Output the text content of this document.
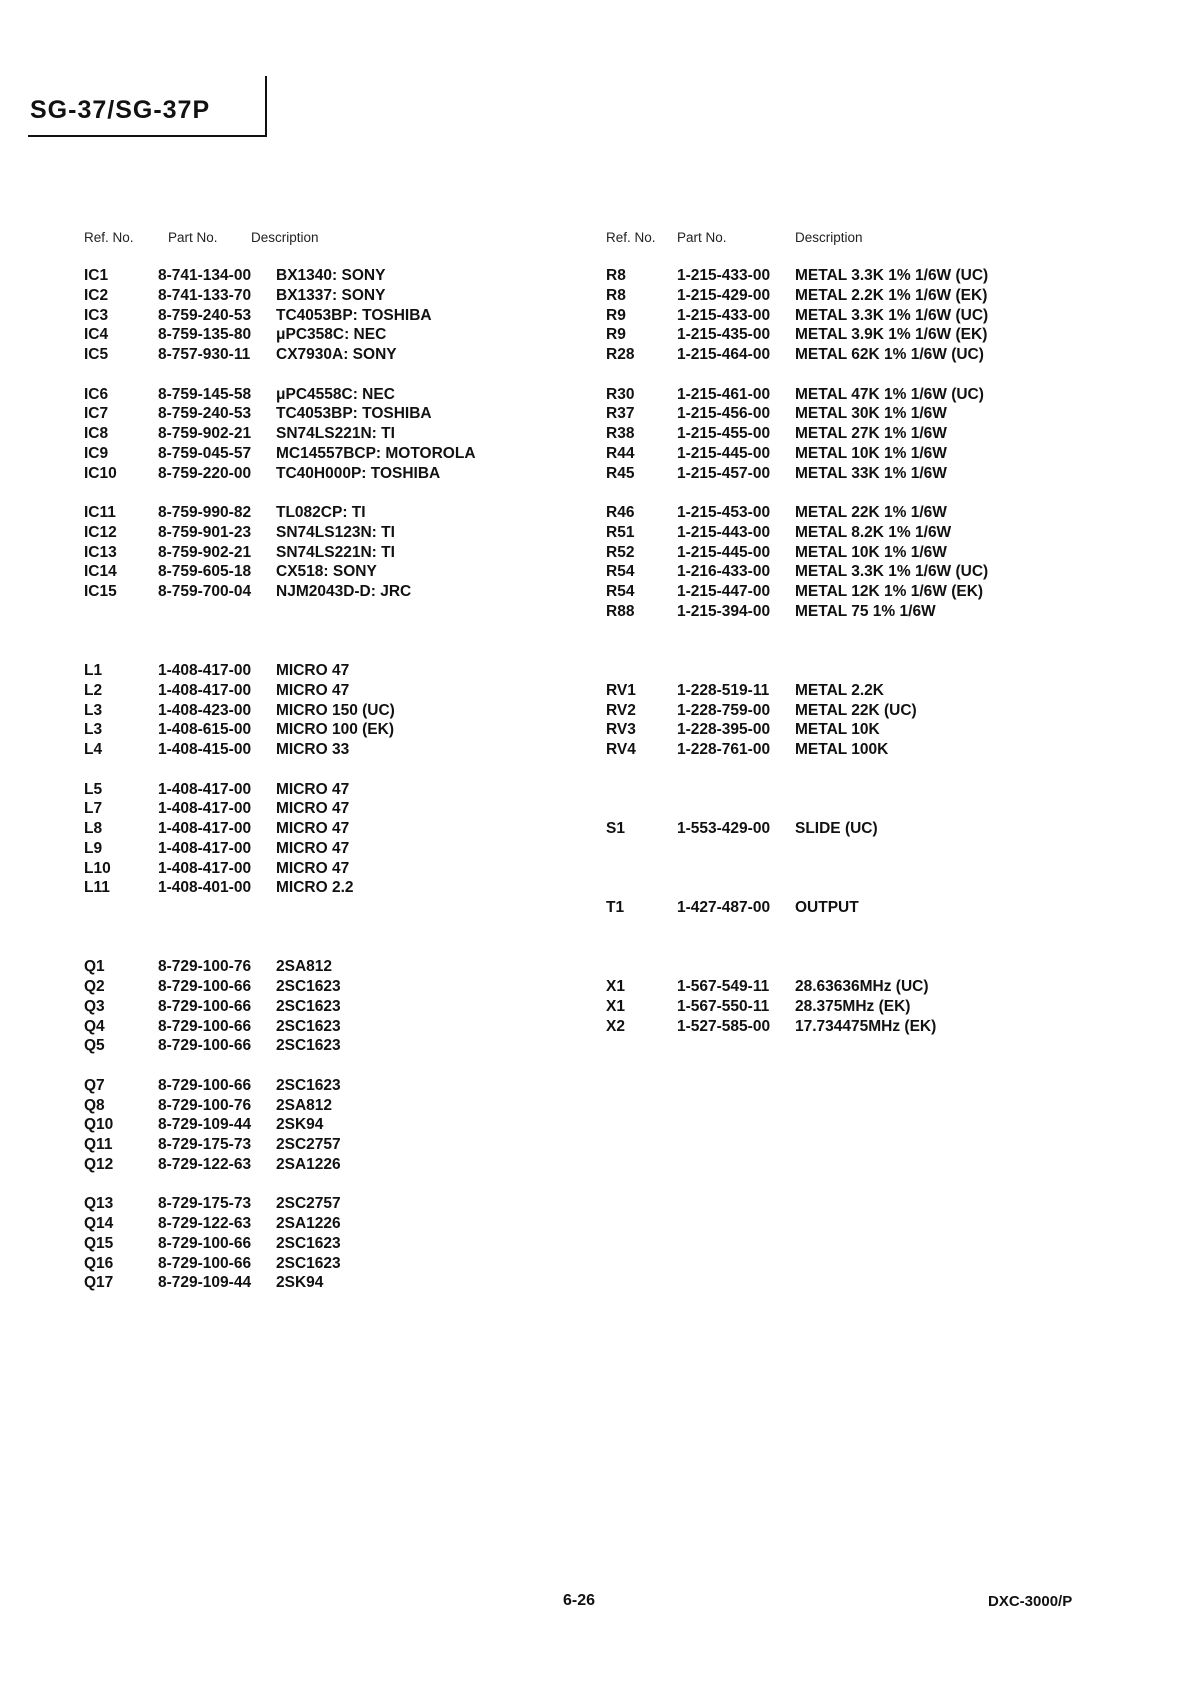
SG-37/SG-37P
Ref. No.	Part No. Description	Ref. No. Part No.	Description
IC1	8-741-134-00 BX1340: SONY
IC2	8-741-133-70 BX1337: SONY
IC3	8-759-240-53 TC4053BP: TOSHIBA
IC4	8-759-135-80 μPC358C: NEC
IC5	8-757-930-11 CX7930A: SONY
IC6	8-759-145-58 μPC4558C: NEC
IC7	8-759-240-53 TC4053BP: TOSHIBA
IC8	8-759-902-21 SN74LS221N: TI
IC9	8-759-045-57 MC14557BCP: MOTOROLA
IC10	8-759-220-00 TC40H000P: TOSHIBA
IC11	8-759-990-82 TL082CP: TI
IC12	8-759-901-23 SN74LS123N: TI
IC13	8-759-902-21 SN74LS221N: TI
IC14	8-759-605-18 CX518: SONY
IC15	8-759-700-04 NJM2043D-D: JRC
L1	1-408-417-00 MICRO 47
L2	1-408-417-00 MICRO 47
L3	1-408-423-00 MICRO 150 (UC)
L3	1-408-615-00 MICRO 100 (EK)
L4	1-408-415-00 MICRO 33
L5	1-408-417-00 MICRO 47
L7	1-408-417-00 MICRO 47
L8	1-408-417-00 MICRO 47
L9	1-408-417-00 MICRO 47
L10	1-408-417-00 MICRO 47
L11	1-408-401-00 MICRO 2.2
Q1	8-729-100-76 2SA812
Q2	8-729-100-66 2SC1623
Q3	8-729-100-66 2SC1623
Q4	8-729-100-66 2SC1623
Q5	8-729-100-66 2SC1623
Q7	8-729-100-66 2SC1623
Q8	8-729-100-76 2SA812
Q10	8-729-109-44 2SK94
Q11	8-729-175-73 2SC2757
Q12	8-729-122-63 2SA1226
Q13	8-729-175-73 2SC2757
Q14	8-729-122-63 2SA1226
Q15	8-729-100-66 2SC1623
Q16	8-729-100-66 2SC1623
Q17	8-729-109-44 2SK94
R8	1-215-433-00 METAL 3.3K 1% 1/6W (UC)
R8	1-215-429-00 METAL 2.2K 1% 1/6W (EK)
R9	1-215-433-00 METAL 3.3K 1% 1/6W (UC)
R9	1-215-435-00 METAL 3.9K 1% 1/6W (EK)
R28	1-215-464-00 METAL 62K 1% 1/6W (UC)
R30	1-215-461-00 METAL 47K 1% 1/6W (UC)
R37	1-215-456-00 METAL 30K 1% 1/6W
R38	1-215-455-00 METAL 27K 1% 1/6W
R44	1-215-445-00 METAL 10K 1% 1/6W
R45	1-215-457-00 METAL 33K 1% 1/6W
R46	1-215-453-00 METAL 22K 1% 1/6W
R51	1-215-443-00 METAL 8.2K 1% 1/6W
R52	1-215-445-00 METAL 10K 1% 1/6W
R54	1-216-433-00 METAL 3.3K 1% 1/6W (UC)
R54	1-215-447-00 METAL 12K 1% 1/6W (EK)
R88	1-215-394-00 METAL 75 1% 1/6W
RV1	1-228-519-11 METAL 2.2K
RV2	1-228-759-00 METAL 22K (UC)
RV3	1-228-395-00 METAL 10K
RV4	1-228-761-00 METAL 100K
S1	1-553-429-00 SLIDE (UC)
T1	1-427-487-00 OUTPUT
X1	1-567-549-11 28.63636MHz (UC)
X1	1-567-550-11 28.375MHz (EK)
X2	1-527-585-00 17.734475MHz (EK)
6-26	DXC-3000/P
